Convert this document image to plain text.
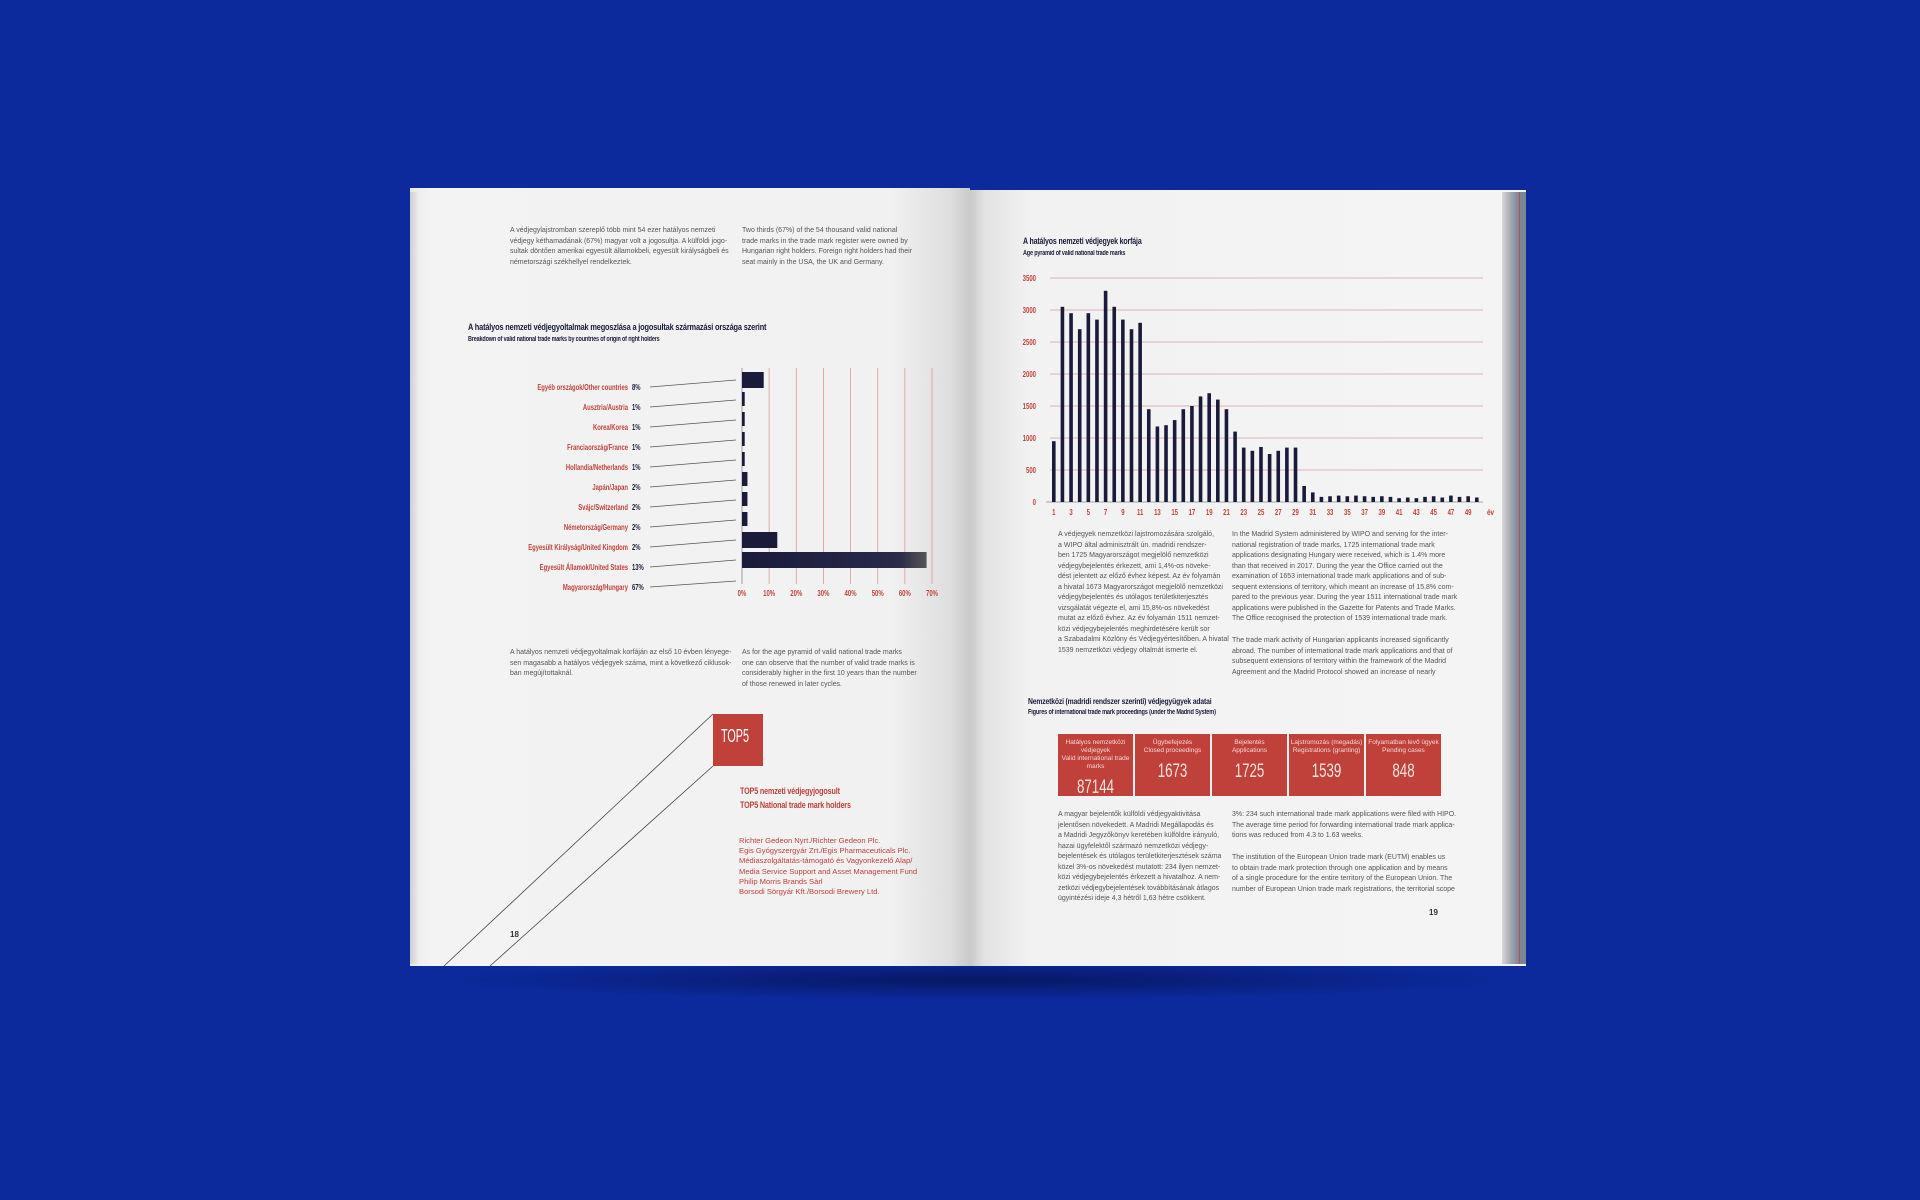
A védjegylajstromban szereplő több mint 54 ezer hatályos nemzeti
védjegy kéthamadának (67%) magyar volt a jogosultja. A külföldi jogo-
sultak döntően amerikai egyesült államokbeli, egyesült királyságbeli és
németországi székhellyel rendelkeztek.
Two thirds (67%) of the 54 thousand valid national
trade marks in the trade mark register were owned by
Hungarian right holders. Foreign right holders had their
seat mainly in the USA, the UK and Germany.
A hatályos nemzeti védjegyoltalmak megoszlása a jogosultak származási országa szerint
Breakdown of valid national trade marks by countries of origin of right holders
0% 10% 20% 30% 40% 50% 60% 70%
Egyéb országok/Other countries 8%
Ausztria/Austria 1%
Korea/Korea 1%
Franciaország/France 1%
Hollandia/Netherlands 1%
Japán/Japan 2%
Svájc/Switzerland 2%
Németország/Germany 2%
Egyesült Királyság/United Kingdom 2%
Egyesült Államok/United States 13%
Magyarország/Hungary 67%
A hatályos nemzeti védjegyoltalmak korfáján az első 10 évben lényege-
sen magasabb a hatályos védjegyek száma, mint a következő ciklusok-
ban megújítottaknál.
As for the age pyramid of valid national trade marks
one can observe that the number of valid trade marks is
considerably higher in the first 10 years than the number
of those renewed in later cycles.
TOP5
TOP5 nemzeti védjegyjogosult
TOP5 National trade mark holders
Richter Gedeon Nyrt./Richter Gedeon Plc.
Egis Gyógyszergyár Zrt./Egis Pharmaceuticals Plc.
Médiaszolgáltatás-támogató és Vagyonkezelő Alap/
Media Service Support and Asset Management Fund
Philip Morris Brands Sàrl
Borsodi Sörgyár Kft./Borsodi Brewery Ltd.
18
A hatályos nemzeti védjegyek korfája
Age pyramid of valid national trade marks
0
500
1000
1500
2000
2500
3000
3500
1 3 5 7 9 11 13 15 17 19 21 23 25 27 29 31 33 35 37 39 41 43 45 47 49 év
A védjegyek nemzetközi lajstromozására szolgáló,
a WIPO által adminisztrált ún. madridi rendszer-
ben 1725 Magyarországot megjelölő nemzetközi
védjegybejelentés érkezett, ami 1,4%-os növeke-
dést jelentett az előző évhez képest. Az év folyamán
a hivatal 1673 Magyarországot megjelölő nemzetközi
védjegybejelentés és utólagos területkiterjesztés
vizsgálatát végezte el, ami 15,8%-os növekedést
mutat az előző évhez. Az év folyamán 1511 nemzet-
közi védjegybejelentés meghirdetésére került sor
a Szabadalmi Közlöny és Védjegyértesítőben. A hivatal
1539 nemzetközi védjegy oltalmát ismerte el.
In the Madrid System administered by WIPO and serving for the inter-
national registration of trade marks, 1725 international trade mark
applications designating Hungary were received, which is 1.4% more
than that received in 2017. During the year the Office carried out the
examination of 1653 international trade mark applications and of sub-
sequent extensions of territory, which meant an increase of 15.8% com-
pared to the previous year. During the year 1511 international trade mark
applications were published in the Gazette for Patents and Trade Marks.
The Office recognised the protection of 1539 international trade mark.
The trade mark activity of Hungarian applicants increased significantly
abroad. The number of international trade mark applications and that of
subsequent extensions of territory within the framework of the Madrid
Agreement and the Madrid Protocol showed an increase of nearly
Nemzetközi (madridi rendszer szerinti) védjegyügyek adatai
Figures of international trade mark proceedings (under the Madrid System)
Hatályos nemzetközi védjegyek
Valid international trade marks
87144
Ügybefejezés
Closed proceedings
1673
Bejelentés
Applications
1725
Lajstromozás (megadás)
Registrations (granting)
1539
Folyamatban levő ügyek
Pending cases
848
A magyar bejelentők külföldi védjegyaktivitása
jelentősen növekedett. A Madridi Megállapodás és
a Madridi Jegyzőkönyv keretében külföldre irányuló,
hazai ügyfelektől származó nemzetközi védjegy-
bejelentések és utólagos területkiterjesztések száma
közel 3%-os növekedést mutatott: 234 ilyen nemzet-
közi védjegybejelentés érkezett a hivatalhoz. A nem-
zetközi védjegybejelentések továbbításának átlagos
ügyintézési ideje 4,3 hétről 1,63 hétre csökkent.
3%: 234 such international trade mark applications were filed with HIPO.
The average time period for forwarding international trade mark applica-
tions was reduced from 4.3 to 1.63 weeks.
The institution of the European Union trade mark (EUTM) enables us
to obtain trade mark protection through one application and by means
of a single procedure for the entire territory of the European Union. The
number of European Union trade mark registrations, the territorial scope
19
